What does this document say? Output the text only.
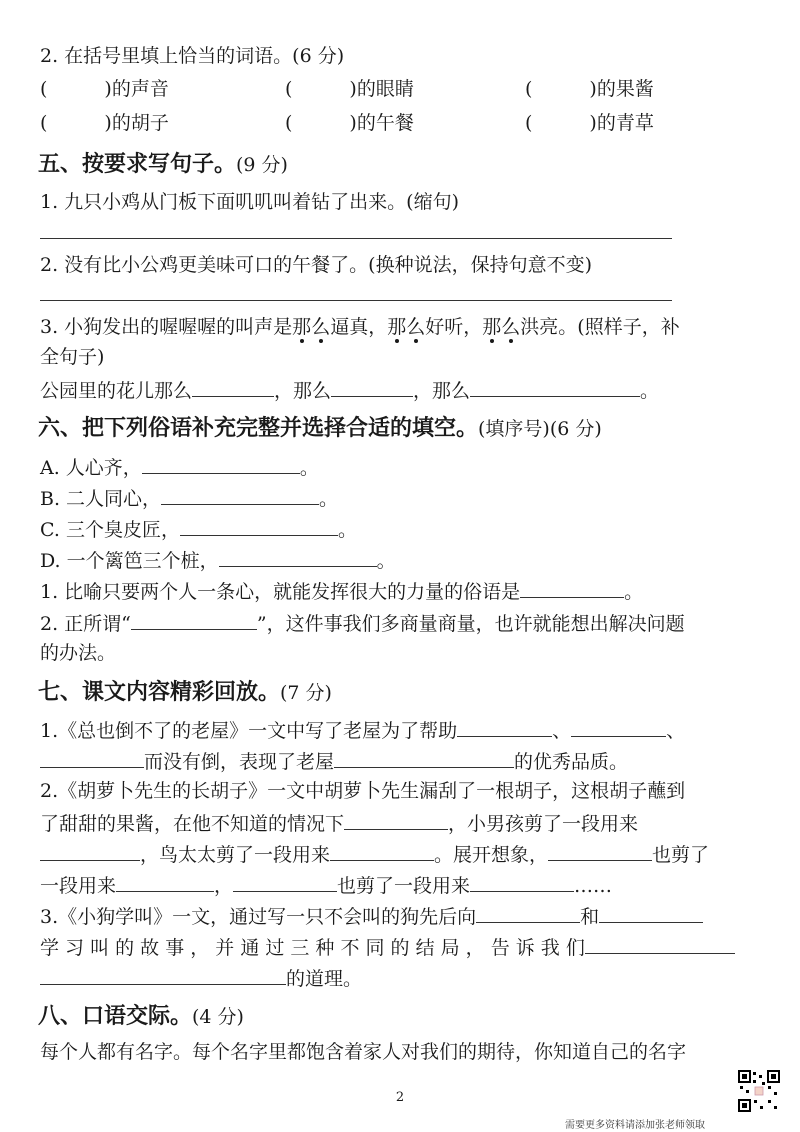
2. 在括号里填上恰当的词语。(6 分)
(　　　)的声音	(　　　)的眼睛	(　　　)的果酱
(　　　)的胡子	(　　　)的午餐	(　　　)的青草
五、按要求写句子。(9 分)
1. 九只小鸡从门板下面叽叽叫着钻了出来。(缩句)
2. 没有比小公鸡更美味可口的午餐了。(换种说法，保持句意不变)
3. 小狗发出的喔喔喔的叫声是那么逼真，那么好听，那么洪亮。(照样子，补
全句子)
公园里的花儿那么	，那么	，那么	。
六、把下列俗语补充完整并选择合适的填空。(填序号)(6 分)
A. 人心齐，	。
B. 二人同心，	。
C. 三个臭皮匠，	。
D. 一个篱笆三个桩，	。
1. 比喻只要两个人一条心，就能发挥很大的力量的俗语是	。
2. 正所谓“	”，这件事我们多商量商量，也许就能想出解决问题
的办法。
七、课文内容精彩回放。(7 分)
1.《总也倒不了的老屋》一文中写了老屋为了帮助	、	、
而没有倒，表现了老屋	的优秀品质。
2.《胡萝卜先生的长胡子》一文中胡萝卜先生漏刮了一根胡子，这根胡子蘸到
了甜甜的果酱，在他不知道的情况下	，小男孩剪了一段用来
，鸟太太剪了一段用来	。展开想象，	也剪了
一段用来	，	也剪了一段用来	……
3.《小狗学叫》一文，通过写一只不会叫的狗先后向	和
学 习 叫 的 故 事 ， 并 通 过 三 种 不 同 的 结 局 ， 告 诉 我 们
的道理。
八、口语交际。(4 分)
每个人都有名字。每个名字里都饱含着家人对我们的期待，你知道自己的名字
2
需要更多资料请添加张老师领取
